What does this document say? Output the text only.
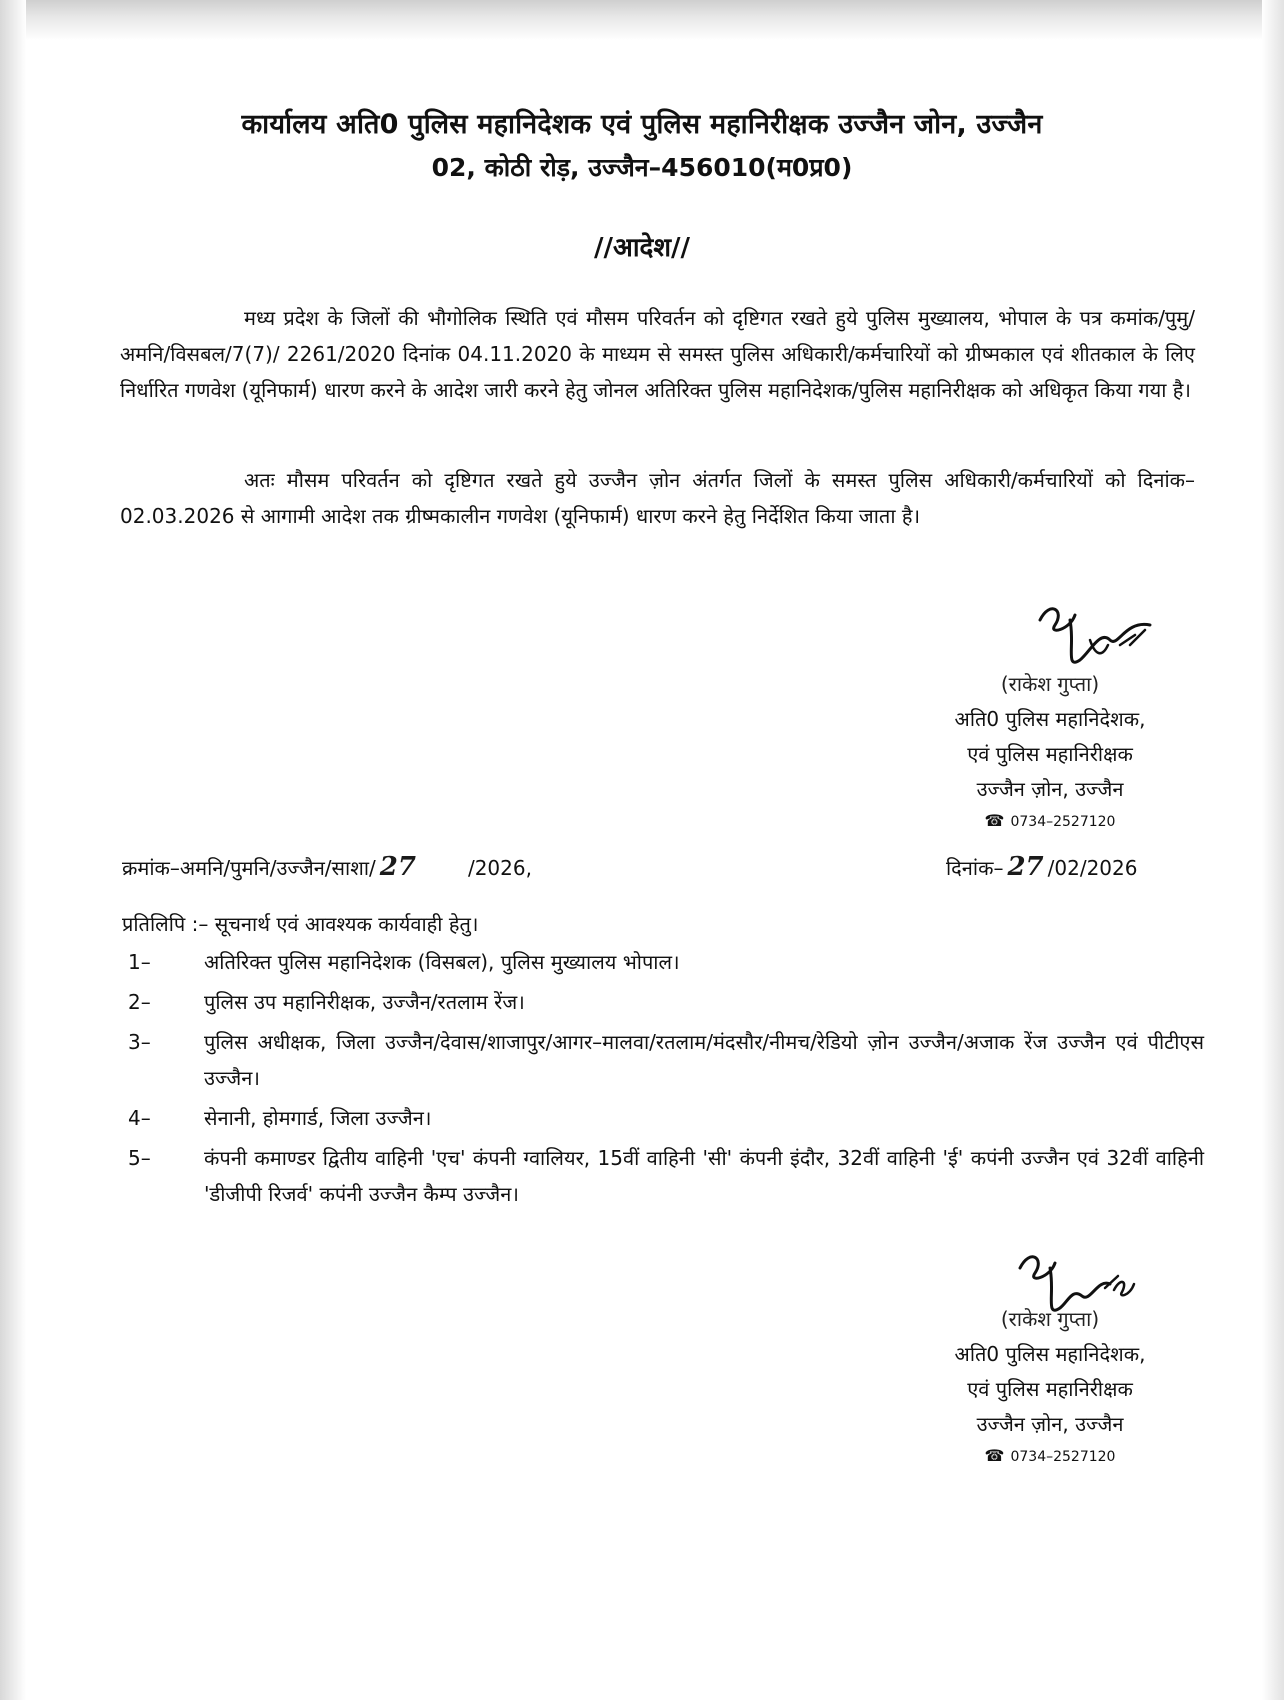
कार्यालय अति0 पुलिस महानिदेशक एवं पुलिस महानिरीक्षक उज्जैन जोन, उज्जैन
02, कोठी रोड़, उज्जैन–456010(म0प्र0)
//आदेश//
मध्य प्रदेश के जिलों की भौगोलिक स्थिति एवं मौसम परिवर्तन को दृष्टिगत रखते हुये पुलिस मुख्यालय, भोपाल के पत्र कमांक/पुमु/अमनि/विसबल/7(7)/ 2261/2020 दिनांक 04.11.2020 के माध्यम से समस्त पुलिस अधिकारी/कर्मचारियों को ग्रीष्मकाल एवं शीतकाल के लिए निर्धारित गणवेश (यूनिफार्म) धारण करने के आदेश जारी करने हेतु जोनल अतिरिक्त पुलिस महानिदेशक/पुलिस महानिरीक्षक को अधिकृत किया गया है।
अतः मौसम परिवर्तन को दृष्टिगत रखते हुये उज्जैन ज़ोन अंतर्गत जिलों के समस्त पुलिस अधिकारी/कर्मचारियों को दिनांक–02.03.2026 से आगामी आदेश तक ग्रीष्मकालीन गणवेश (यूनिफार्म) धारण करने हेतु निर्देशित किया जाता है।
(राकेश गुप्ता)
अति0 पुलिस महानिदेशक,
एवं पुलिस महानिरीक्षक
उज्जैन ज़ोन, उज्जैन
☎ 0734–2527120
क्रमांक–अमनि/पुमनि/उज्जैन/साशा/ 27	/2026,	दिनांक– 27 /02/2026
प्रतिलिपि :– सूचनार्थ एवं आवश्यक कार्यवाही हेतु।
1–	अतिरिक्त पुलिस महानिदेशक (विसबल), पुलिस मुख्यालय भोपाल।
2–	पुलिस उप महानिरीक्षक, उज्जैन/रतलाम रेंज।
3–	पुलिस अधीक्षक, जिला उज्जैन/देवास/शाजापुर/आगर–मालवा/रतलाम/मंदसौर/नीमच/रेडियो ज़ोन उज्जैन/अजाक रेंज उज्जैन एवं पीटीएस उज्जैन।
4–	सेनानी, होमगार्ड, जिला उज्जैन।
5–	कंपनी कमाण्डर द्वितीय वाहिनी 'एच' कंपनी ग्वालियर, 15वीं वाहिनी 'सी' कंपनी इंदौर, 32वीं वाहिनी 'ई' कपंनी उज्जैन एवं 32वीं वाहिनी 'डीजीपी रिजर्व' कपंनी उज्जैन कैम्प उज्जैन।
(राकेश गुप्ता)
अति0 पुलिस महानिदेशक,
एवं पुलिस महानिरीक्षक
उज्जैन ज़ोन, उज्जैन
☎ 0734–2527120
